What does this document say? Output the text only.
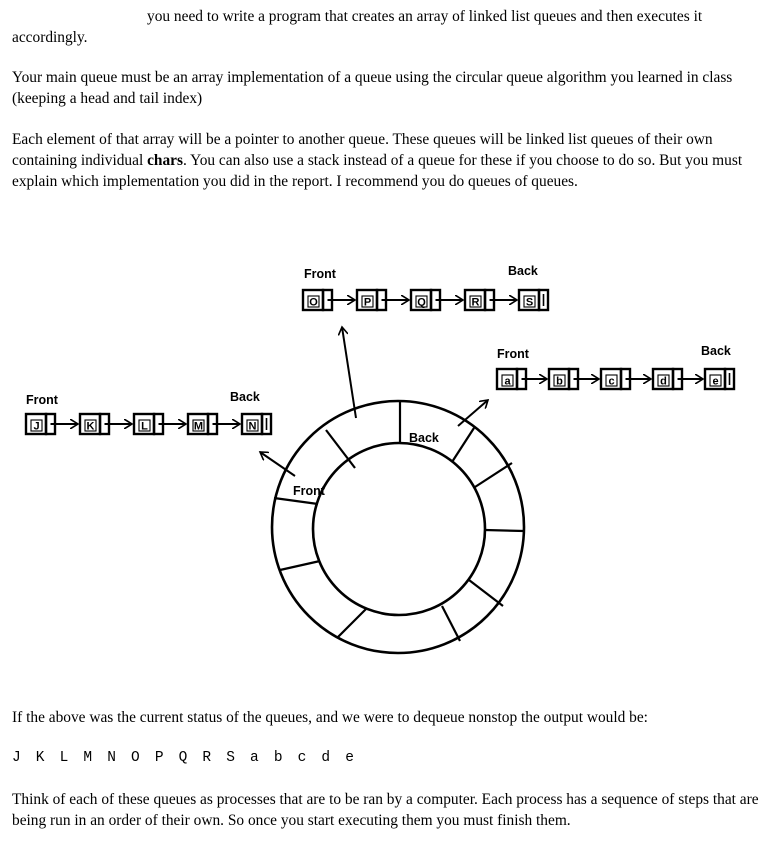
you need to write a program that creates an array of linked list queues and then executes it accordingly.

Your main queue must be an array implementation of a queue using the circular queue algorithm you learned in class (keeping a head and tail index)

Each element of that array will be a pointer to another queue. These queues will be linked list queues of their own containing individual chars. You can also use a stack instead of a queue for these if you choose to do so. But you must explain which implementation you did in the report. I recommend you do queues of queues.

Front
Back
Front	Back
O	P	Q	R	S
Front	Back
J	K	L	M	N
Front	Back
a	b	c	d	e

If the above was the current status of the queues, and we were to dequeue nonstop the output would be:

J K L M N O P Q R S a b c d e

Think of each of these queues as processes that are to be ran by a computer. Each process has a sequence of steps that are being run in an order of their own. So once you start executing them you must finish them.
